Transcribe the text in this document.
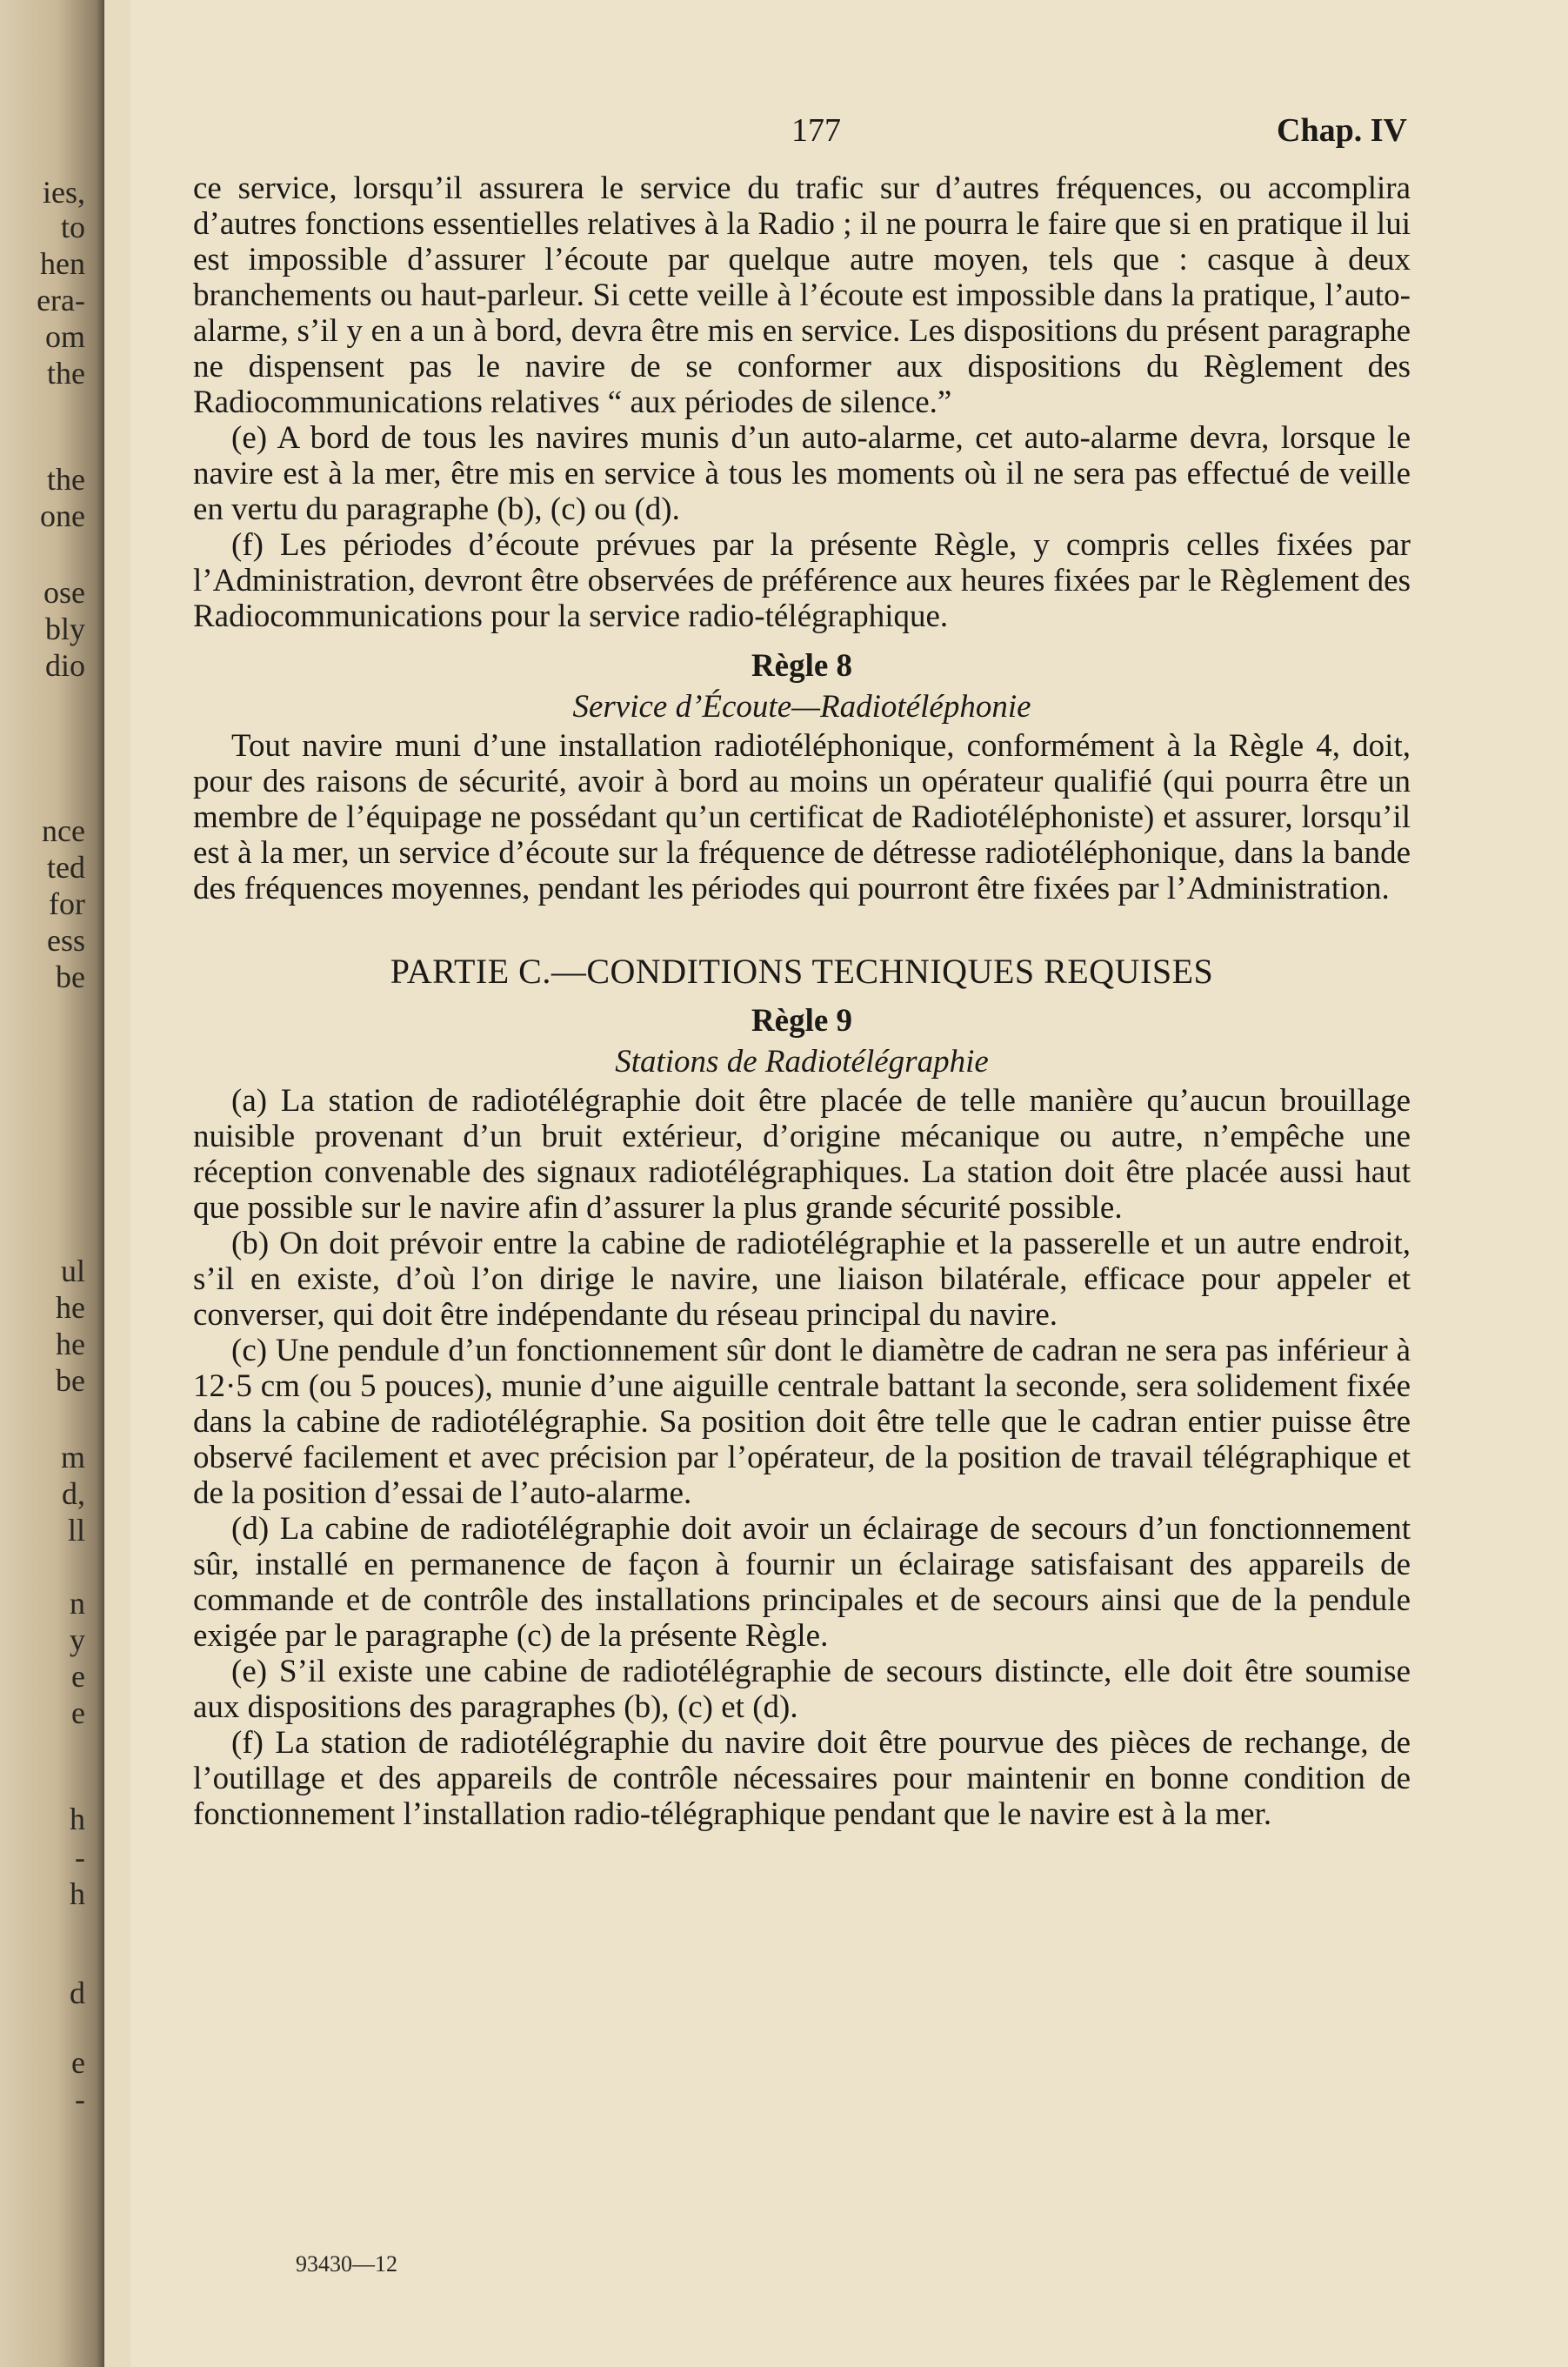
ies,
to
hen
era-
om
the
the
one
ose
bly
dio
nce
ted
for
ess
be
ul
he
he
be
m
d,
ll
n
y
e
e
h
-
h
d
e
-
177	Chap. IV

ce service, lorsqu’il assurera le service du trafic sur d’autres fréquences, ou accomplira d’autres fonctions essentielles relatives à la Radio ; il ne pourra le faire que si en pratique il lui est impossible d’assurer l’écoute par quelque autre moyen, tels que : casque à deux branchements ou haut-parleur. Si cette veille à l’écoute est impossible dans la pratique, l’auto-alarme, s’il y en a un à bord, devra être mis en service. Les dispositions du présent paragraphe ne dispensent pas le navire de se conformer aux dispositions du Règlement des Radiocommunications relatives “ aux périodes de silence.”

(e) A bord de tous les navires munis d’un auto-alarme, cet auto-alarme devra, lorsque le navire est à la mer, être mis en service à tous les moments où il ne sera pas effectué de veille en vertu du paragraphe (b), (c) ou (d).

(f) Les périodes d’écoute prévues par la présente Règle, y compris celles fixées par l’Administration, devront être observées de préférence aux heures fixées par le Règlement des Radiocommunications pour la service radio-télégraphique.

Règle 8

Service d’Écoute—Radiotéléphonie

Tout navire muni d’une installation radiotéléphonique, conformément à la Règle 4, doit, pour des raisons de sécurité, avoir à bord au moins un opérateur qualifié (qui pourra être un membre de l’équipage ne possédant qu’un certificat de Radiotéléphoniste) et assurer, lorsqu’il est à la mer, un service d’écoute sur la fréquence de détresse radiotéléphonique, dans la bande des fréquences moyennes, pendant les périodes qui pourront être fixées par l’Administration.

PARTIE C.—CONDITIONS TECHNIQUES REQUISES

Règle 9

Stations de Radiotélégraphie

(a) La station de radiotélégraphie doit être placée de telle manière qu’aucun brouillage nuisible provenant d’un bruit extérieur, d’origine mécanique ou autre, n’empêche une réception convenable des signaux radiotélégraphiques. La station doit être placée aussi haut que possible sur le navire afin d’assurer la plus grande sécurité possible.

(b) On doit prévoir entre la cabine de radiotélégraphie et la passerelle et un autre endroit, s’il en existe, d’où l’on dirige le navire, une liaison bilatérale, efficace pour appeler et converser, qui doit être indépendante du réseau principal du navire.

(c) Une pendule d’un fonctionnement sûr dont le diamètre de cadran ne sera pas inférieur à 12·5 cm (ou 5 pouces), munie d’une aiguille centrale battant la seconde, sera solidement fixée dans la cabine de radiotélégraphie. Sa position doit être telle que le cadran entier puisse être observé facilement et avec précision par l’opérateur, de la position de travail télégraphique et de la position d’essai de l’auto-alarme.

(d) La cabine de radiotélégraphie doit avoir un éclairage de secours d’un fonctionnement sûr, installé en permanence de façon à fournir un éclairage satisfaisant des appareils de commande et de contrôle des installations principales et de secours ainsi que de la pendule exigée par le paragraphe (c) de la présente Règle.

(e) S’il existe une cabine de radiotélégraphie de secours distincte, elle doit être soumise aux dispositions des paragraphes (b), (c) et (d).

(f) La station de radiotélégraphie du navire doit être pourvue des pièces de rechange, de l’outillage et des appareils de contrôle nécessaires pour maintenir en bonne condition de fonctionnement l’installation radio-télégraphique pendant que le navire est à la mer.

93430—12
